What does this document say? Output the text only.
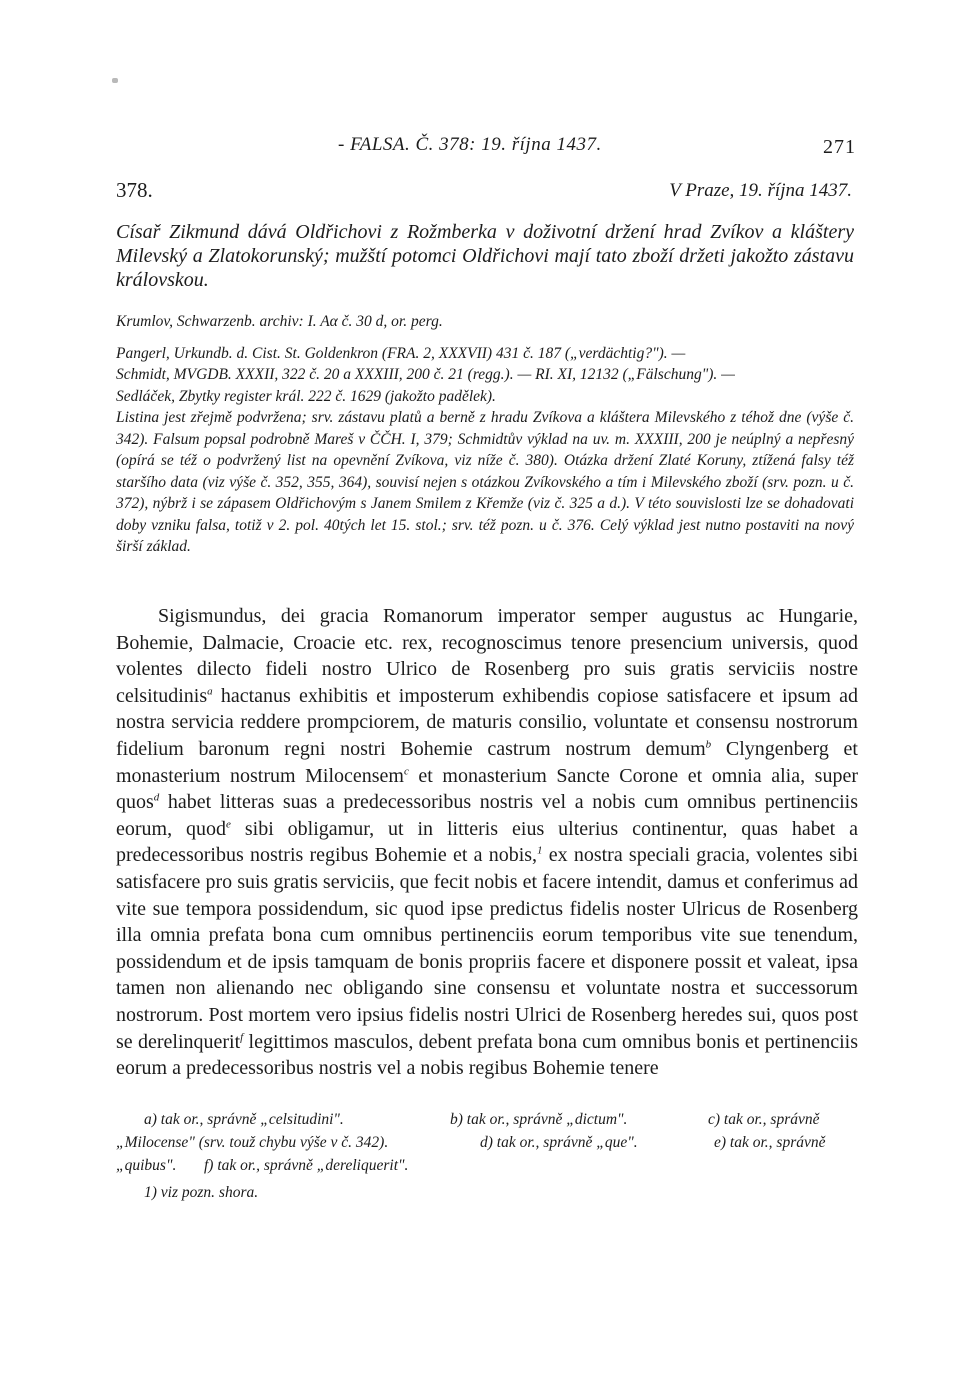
- FALSA. Č. 378: 19. října 1437.	271
378.	V Praze, 19. října 1437.
Císař Zikmund dává Oldřichovi z Rožmberka v doživotní držení hrad Zvíkov a kláštery Milevský a Zlatokorunský; mužští potomci Oldřichovi mají tato zboží držeti jakožto zástavu královskou.
Krumlov, Schwarzenb. archiv: I. Aα č. 30 d, or. perg.
Pangerl, Urkundb. d. Cist. St. Goldenkron (FRA. 2, XXXVII) 431 č. 187 („verdächtig?"). —
Schmidt, MVGDB. XXXII, 322 č. 20 a XXXIII, 200 č. 21 (regg.). — RI. XI, 12132 („Fälschung"). —
Sedláček, Zbytky register král. 222 č. 1629 (jakožto padělek).
Listina jest zřejmě podvržena; srv. zástavu platů a berně z hradu Zvíkova a kláštera Milevského z téhož dne (výše č. 342). Falsum popsal podrobně Mareš v ČČH. I, 379; Schmidtův výklad na uv. m. XXXIII, 200 je neúplný a nepřesný (opírá se též o podvržený list na opevnění Zvíkova, viz níže č. 380). Otázka držení Zlaté Koruny, ztížená falsy též staršího data (viz výše č. 352, 355, 364), souvisí nejen s otázkou Zvíkovského a tím i Milevského zboží (srv. pozn. u č. 372), nýbrž i se zápasem Oldřichovým s Janem Smilem z Křemže (viz č. 325 a d.). V této souvislosti lze se dohadovati doby vzniku falsa, totiž v 2. pol. 40tých let 15. stol.; srv. též pozn. u č. 376. Celý výklad jest nutno postaviti na nový širší základ.
Sigismundus, dei gracia Romanorum imperator semper augustus ac Hungarie, Bohemie, Dalmacie, Croacie etc. rex, recognoscimus tenore presencium universis, quod volentes dilecto fideli nostro Ulrico de Rosenberg pro suis gratis serviciis nostre celsitudinis$^a$ hactanus exhibitis et imposterum exhibendis copiose satisfacere et ipsum ad nostra servicia reddere prompciorem, de maturis consilio, voluntate et consensu nostrorum fidelium baronum regni nostri Bohemie castrum nostrum demum$^b$ Clyngenberg et monasterium nostrum Milocensem$^c$ et monasterium Sancte Corone et omnia alia, super quos$^d$ habet litteras suas a predecessoribus nostris vel a nobis cum omnibus pertinenciis eorum, quod$^e$ sibi obligamur, ut in litteris eius ulterius continentur, quas habet a predecessoribus nostris regibus Bohemie et a nobis,$^1$ ex nostra speciali gracia, volentes sibi satisfacere pro suis gratis serviciis, que fecit nobis et facere intendit, damus et conferimus ad vite sue tempora possidendum, sic quod ipse predictus fidelis noster Ulricus de Rosenberg illa omnia prefata bona cum omnibus pertinenciis eorum temporibus vite sue tenendum, possidendum et de ipsis tamquam de bonis propriis facere et disponere possit et valeat, ipsa tamen non alienando nec obligando sine consensu et voluntate nostra et successorum nostrorum. Post mortem vero ipsius fidelis nostri Ulrici de Rosenberg heredes sui, quos post se derelinquerit$^f$ legittimos masculos, debent prefata bona cum omnibus bonis et pertinenciis eorum a predecessoribus nostris vel a nobis regibus Bohemie tenere
a) tak or., správně „celsitudini".	b) tak or., správně „dictum".	c) tak or., správně
„Milocense" (srv. touž chybu výše v č. 342).	d) tak or., správně „que".	e) tak or., správně
„quibus". f) tak or., správně „dereliquerit".
1) viz pozn. shora.
